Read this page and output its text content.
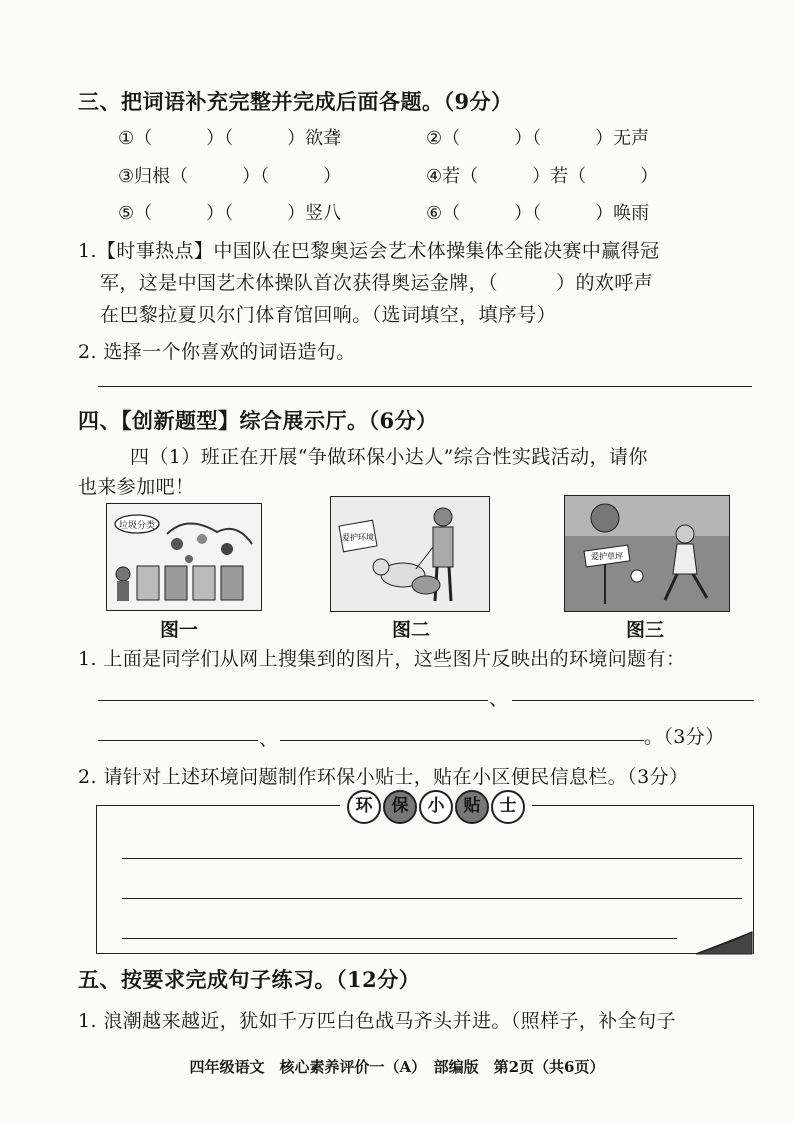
三、把词语补充完整并完成后面各题。（9分）
①（　　　）（　　　）欲聋	②（　　　）（　　　）无声
③归根（　　　）（　　　）	④若（　　　）若（　　　）
⑤（　　　）（　　　）竖八	⑥（　　　）（　　　）唤雨
1.【时事热点】中国队在巴黎奥运会艺术体操集体全能决赛中赢得冠
军，这是中国艺术体操队首次获得奥运金牌，（　　　）的欢呼声
在巴黎拉夏贝尔门体育馆回响。（选词填空，填序号）
2. 选择一个你喜欢的词语造句。
四、【创新题型】综合展示厅。（6分）
四（1）班正在开展“争做环保小达人”综合性实践活动，请你
也来参加吧！
垃圾分类
爱护环境
爱护草坪
图一	图二	图三
1. 上面是同学们从网上搜集到的图片，这些图片反映出的环境问题有：
、
、	。（3分）
2. 请针对上述环境问题制作环保小贴士，贴在小区便民信息栏。（3分）
环 保 小 贴 士
五、按要求完成句子练习。（12分）
1. 浪潮越来越近，犹如千万匹白色战马齐头并进。（照样子，补全句子
四年级语文　核心素养评价一（A）　部编版　第2页（共6页）
